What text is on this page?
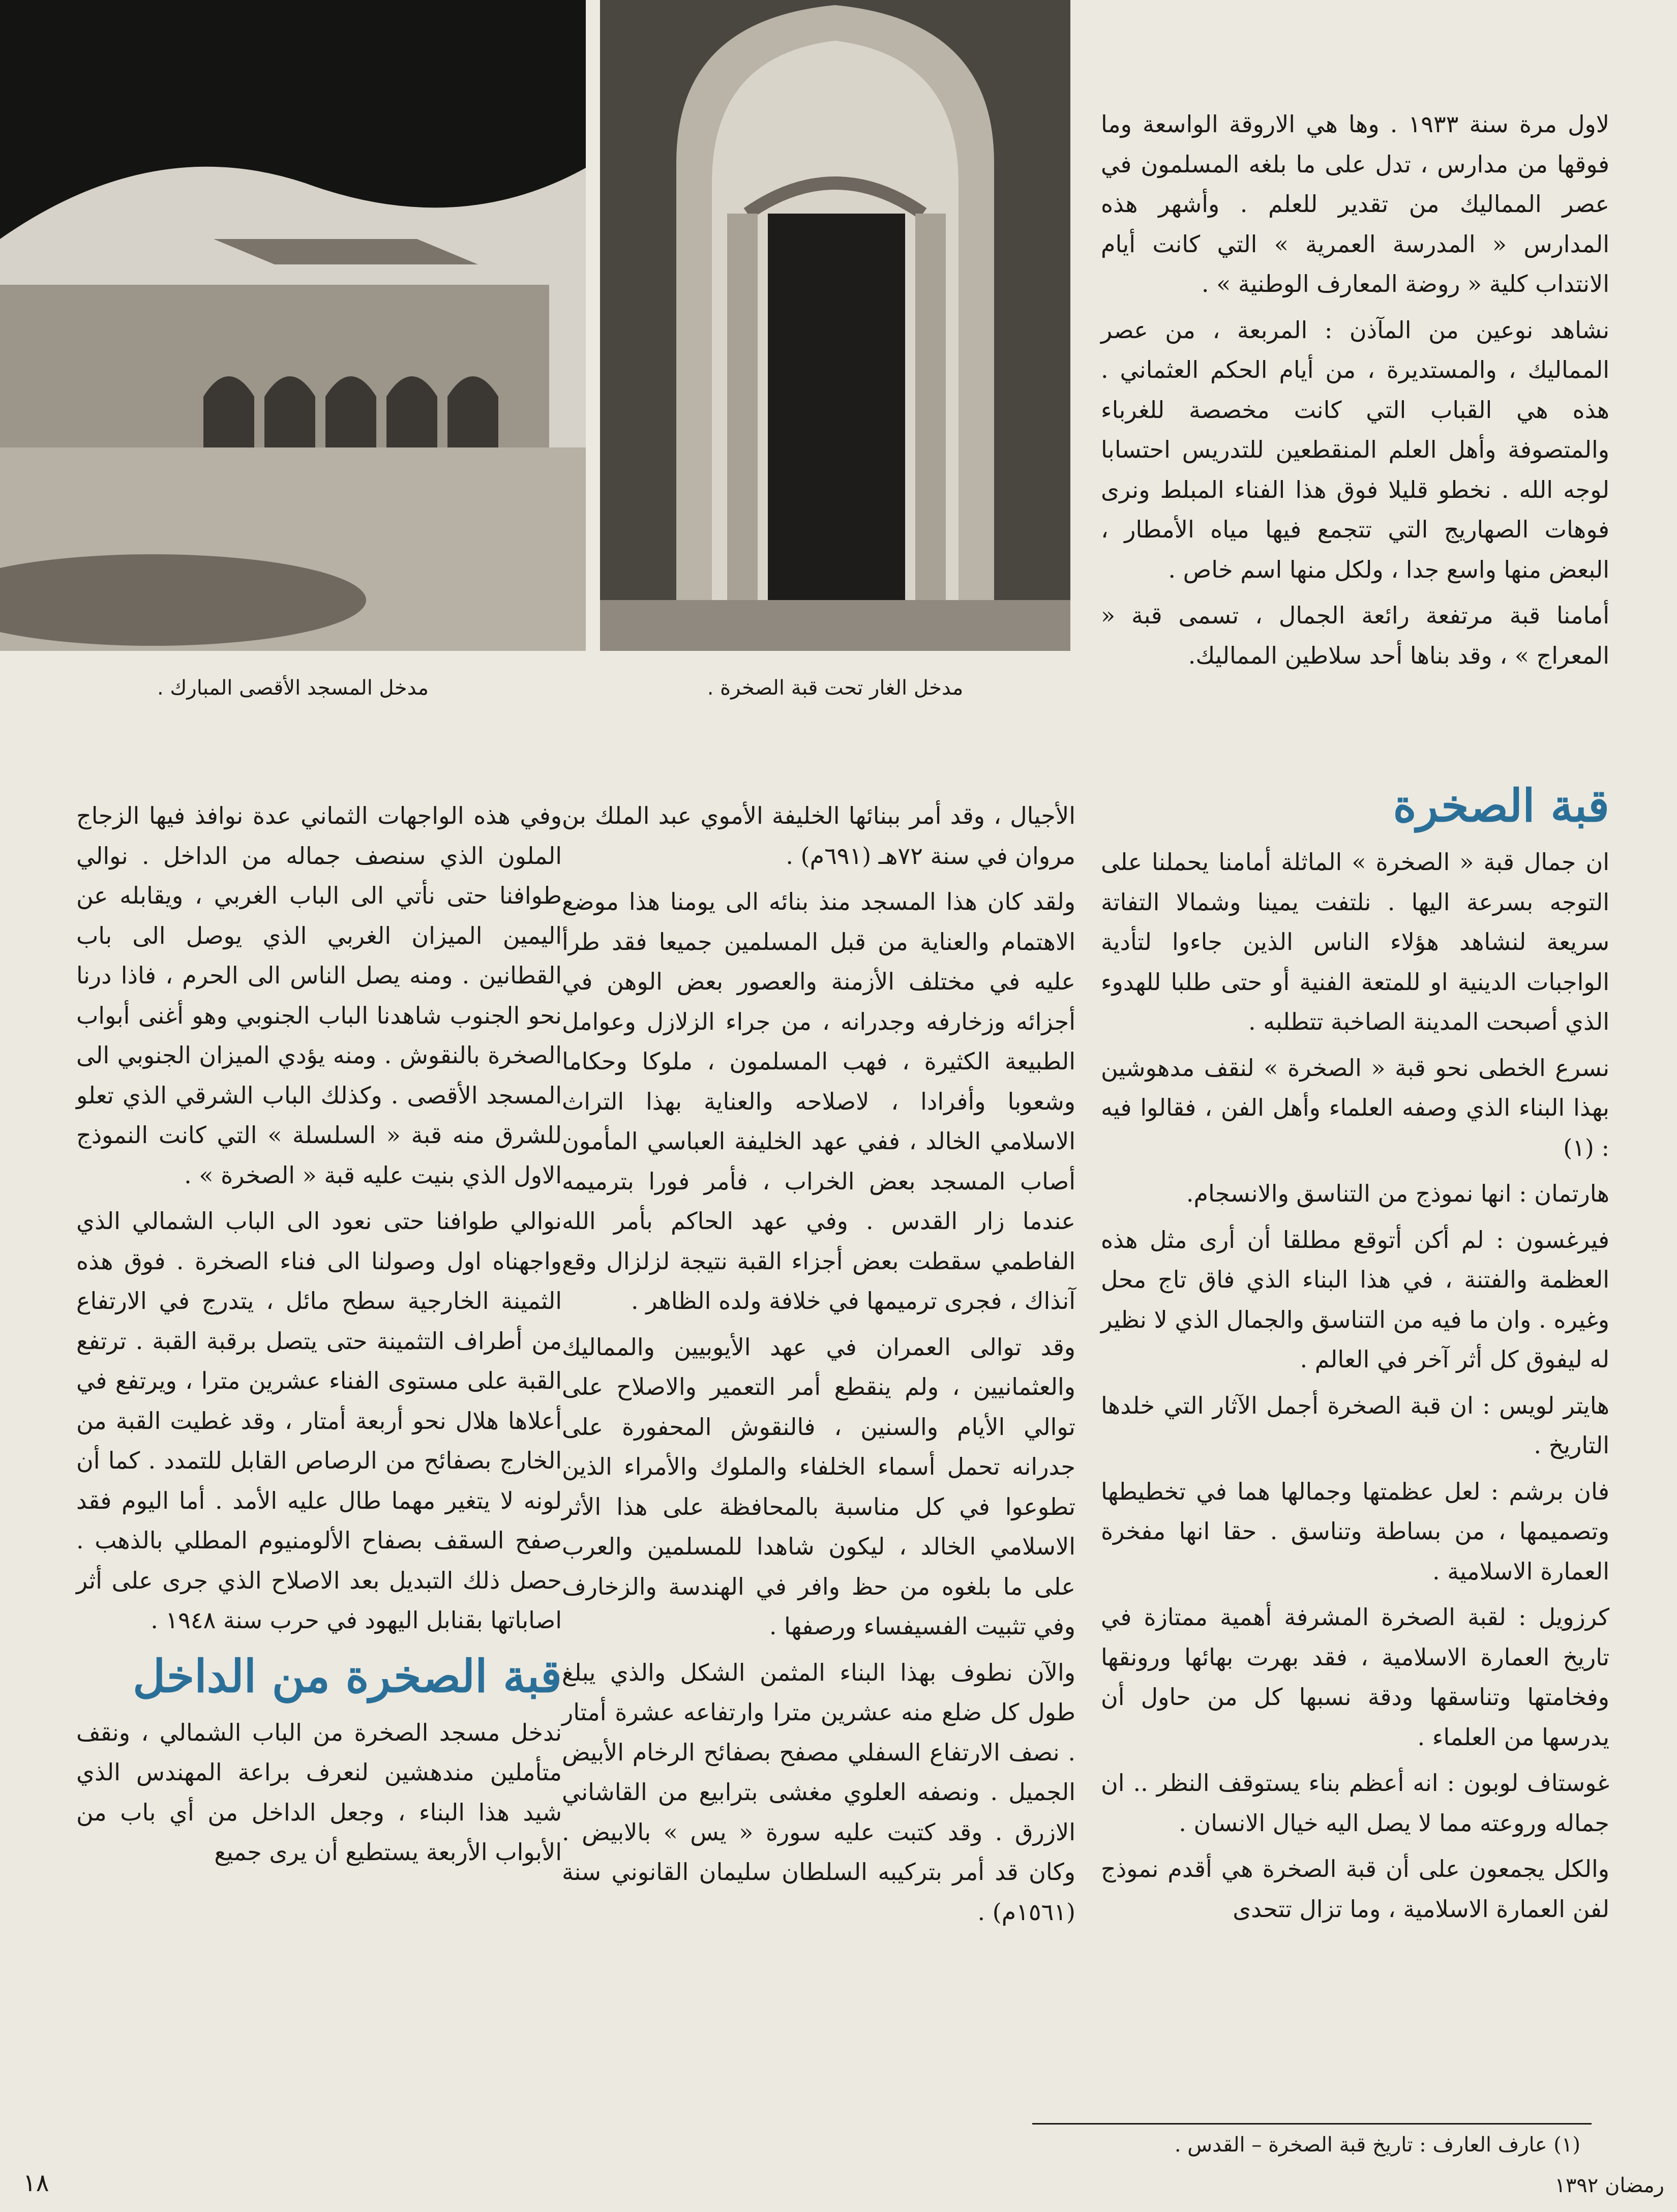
مدخل الغار تحت قبة الصخرة .
مدخل المسجد الأقصى المبارك .

لاول مرة سنة ١٩٣٣ . وها هي الاروقة الواسعة وما فوقها من مدارس ، تدل على ما بلغه المسلمون في عصر المماليك من تقدير للعلم . وأشهر هذه المدارس « المدرسة العمرية » التي كانت أيام الانتداب كلية « روضة المعارف الوطنية » .

نشاهد نوعين من المآذن : المربعة ، من عصر المماليك ، والمستديرة ، من أيام الحكم العثماني . هذه هي القباب التي كانت مخصصة للغرباء والمتصوفة وأهل العلم المنقطعين للتدريس احتسابا لوجه الله . نخطو قليلا فوق هذا الفناء المبلط ونرى فوهات الصهاريج التي تتجمع فيها مياه الأمطار ، البعض منها واسع جدا ، ولكل منها اسم خاص .

أمامنا قبة مرتفعة رائعة الجمال ، تسمى قبة « المعراج » ، وقد بناها أحد سلاطين المماليك.

قبة الصخرة

ان جمال قبة « الصخرة » الماثلة أمامنا يحملنا على التوجه بسرعة اليها . نلتفت يمينا وشمالا التفاتة سريعة لنشاهد هؤلاء الناس الذين جاءوا لتأدية الواجبات الدينية او للمتعة الفنية أو حتى طلبا للهدوء الذي أصبحت المدينة الصاخبة تتطلبه .

نسرع الخطى نحو قبة « الصخرة » لنقف مدهوشين بهذا البناء الذي وصفه العلماء وأهل الفن ، فقالوا فيه : (١)

هارتمان : انها نموذج من التناسق والانسجام.

فيرغسون : لم أكن أتوقع مطلقا أن أرى مثل هذه العظمة والفتنة ، في هذا البناء الذي فاق تاج محل وغيره . وان ما فيه من التناسق والجمال الذي لا نظير له ليفوق كل أثر آخر في العالم .

هايتر لويس : ان قبة الصخرة أجمل الآثار التي خلدها التاريخ .

فان برشم : لعل عظمتها وجمالها هما في تخطيطها وتصميمها ، من بساطة وتناسق . حقا انها مفخرة العمارة الاسلامية .

كرزويل : لقبة الصخرة المشرفة أهمية ممتازة في تاريخ العمارة الاسلامية ، فقد بهرت بهائها ورونقها وفخامتها وتناسقها ودقة نسبها كل من حاول أن يدرسها من العلماء .

غوستاف لوبون : انه أعظم بناء يستوقف النظر .. ان جماله وروعته مما لا يصل اليه خيال الانسان .

والكل يجمعون على أن قبة الصخرة هي أقدم نموذج لفن العمارة الاسلامية ، وما تزال تتحدى

الأجيال ، وقد أمر ببنائها الخليفة الأموي عبد الملك بن مروان في سنة ٧٢هـ (٦٩١م) .

ولقد كان هذا المسجد منذ بنائه الى يومنا هذا موضع الاهتمام والعناية من قبل المسلمين جميعا فقد طرأ عليه في مختلف الأزمنة والعصور بعض الوهن في أجزائه وزخارفه وجدرانه ، من جراء الزلازل وعوامل الطبيعة الكثيرة ، فهب المسلمون ، ملوكا وحكاما وشعوبا وأفرادا ، لاصلاحه والعناية بهذا التراث الاسلامي الخالد ، ففي عهد الخليفة العباسي المأمون أصاب المسجد بعض الخراب ، فأمر فورا بترميمه عندما زار القدس . وفي عهد الحاكم بأمر الله الفاطمي سقطت بعض أجزاء القبة نتيجة لزلزال وقع آنذاك ، فجرى ترميمها في خلافة ولده الظاهر .

وقد توالى العمران في عهد الأيوبيين والمماليك والعثمانيين ، ولم ينقطع أمر التعمير والاصلاح على توالي الأيام والسنين ، فالنقوش المحفورة على جدرانه تحمل أسماء الخلفاء والملوك والأمراء الذين تطوعوا في كل مناسبة بالمحافظة على هذا الأثر الاسلامي الخالد ، ليكون شاهدا للمسلمين والعرب على ما بلغوه من حظ وافر في الهندسة والزخارف وفي تثبيت الفسيفساء ورصفها .

والآن نطوف بهذا البناء المثمن الشكل والذي يبلغ طول كل ضلع منه عشرين مترا وارتفاعه عشرة أمتار . نصف الارتفاع السفلي مصفح بصفائح الرخام الأبيض الجميل . ونصفه العلوي مغشى بترابيع من القاشاني الازرق . وقد كتبت عليه سورة « يس » بالابيض . وكان قد أمر بتركيبه السلطان سليمان القانوني سنة (١٥٦١م) .

وفي هذه الواجهات الثماني عدة نوافذ فيها الزجاج الملون الذي سنصف جماله من الداخل . نوالي طوافنا حتى نأتي الى الباب الغربي ، ويقابله عن اليمين الميزان الغربي الذي يوصل الى باب القطانين . ومنه يصل الناس الى الحرم ، فاذا درنا نحو الجنوب شاهدنا الباب الجنوبي وهو أغنى أبواب الصخرة بالنقوش . ومنه يؤدي الميزان الجنوبي الى المسجد الأقصى . وكذلك الباب الشرقي الذي تعلو للشرق منه قبة « السلسلة » التي كانت النموذج الاول الذي بنيت عليه قبة « الصخرة » .

نوالي طوافنا حتى نعود الى الباب الشمالي الذي واجهناه اول وصولنا الى فناء الصخرة . فوق هذه الثمينة الخارجية سطح مائل ، يتدرج في الارتفاع من أطراف التثمينة حتى يتصل برقبة القبة . ترتفع القبة على مستوى الفناء عشرين مترا ، ويرتفع في أعلاها هلال نحو أربعة أمتار ، وقد غطيت القبة من الخارج بصفائح من الرصاص القابل للتمدد . كما أن لونه لا يتغير مهما طال عليه الأمد . أما اليوم فقد صفح السقف بصفاح الألومنيوم المطلي بالذهب . حصل ذلك التبديل بعد الاصلاح الذي جرى على أثر اصاباتها بقنابل اليهود في حرب سنة ١٩٤٨ .

قبة الصخرة من الداخل

ندخل مسجد الصخرة من الباب الشمالي ، ونقف متأملين مندهشين لنعرف براعة المهندس الذي شيد هذا البناء ، وجعل الداخل من أي باب من الأبواب الأربعة يستطيع أن يرى جميع

(١) عارف العارف : تاريخ قبة الصخرة – القدس .
رمضان ١٣٩٢
١٨
